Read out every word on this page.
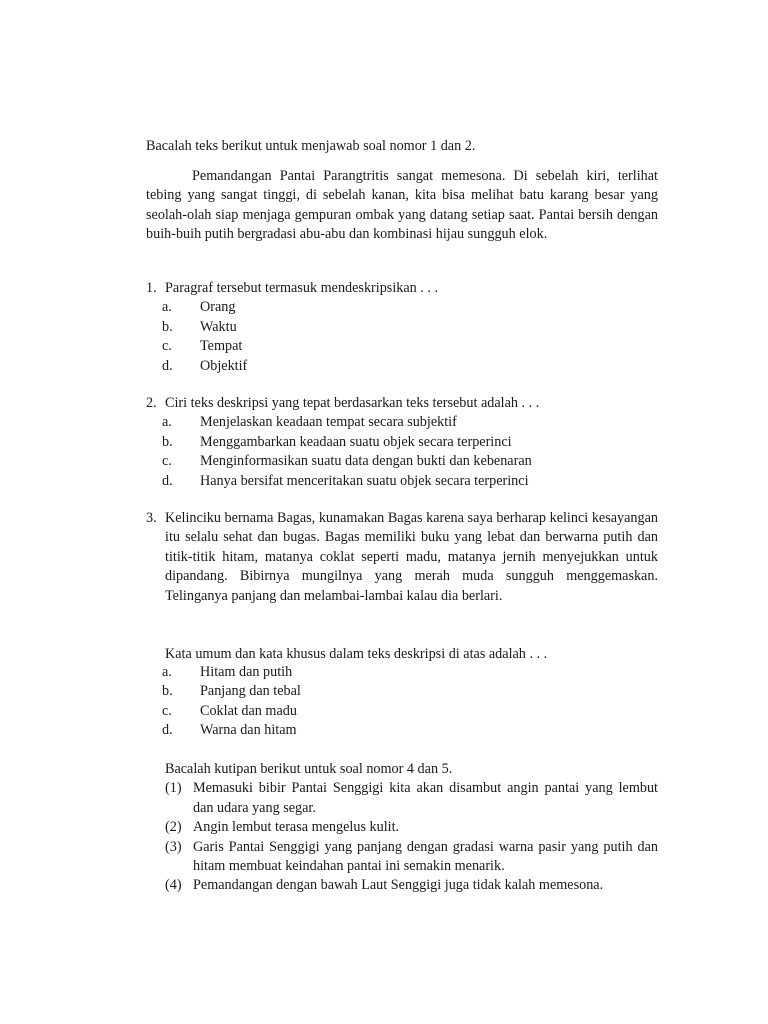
Bacalah teks berikut untuk menjawab soal nomor 1 dan 2.

Pemandangan Pantai Parangtritis sangat memesona. Di sebelah kiri, terlihat tebing yang sangat tinggi, di sebelah kanan, kita bisa melihat batu karang besar yang seolah-olah siap menjaga gempuran ombak yang datang setiap saat. Pantai bersih dengan buih-buih putih bergradasi abu-abu dan kombinasi hijau sungguh elok.

1. Paragraf tersebut termasuk mendeskripsikan . . .
a. Orang
b. Waktu
c. Tempat
d. Objektif
2. Ciri teks deskripsi yang tepat berdasarkan teks tersebut adalah . . .
a. Menjelaskan keadaan tempat secara subjektif
b. Menggambarkan keadaan suatu objek secara terperinci
c. Menginformasikan suatu data dengan bukti dan kebenaran
d. Hanya bersifat menceritakan suatu objek secara terperinci
3. Kelinciku bernama Bagas, kunamakan Bagas karena saya berharap kelinci kesayangan itu selalu sehat dan bugas. Bagas memiliki buku yang lebat dan berwarna putih dan titik-titik hitam, matanya coklat seperti madu, matanya jernih menyejukkan untuk dipandang. Bibirnya mungilnya yang merah muda sungguh menggemaskan. Telinganya panjang dan melambai-lambai kalau dia berlari.

Kata umum dan kata khusus dalam teks deskripsi di atas adalah . . .
a. Hitam dan putih
b. Panjang dan tebal
c. Coklat dan madu
d. Warna dan hitam

Bacalah kutipan berikut untuk soal nomor 4 dan 5.

(1) Memasuki bibir Pantai Senggigi kita akan disambut angin pantai yang lembut dan udara yang segar.
(2) Angin lembut terasa mengelus kulit.
(3) Garis Pantai Senggigi yang panjang dengan gradasi warna pasir yang putih dan hitam membuat keindahan pantai ini semakin menarik.
(4) Pemandangan dengan bawah Laut Senggigi juga tidak kalah memesona.
